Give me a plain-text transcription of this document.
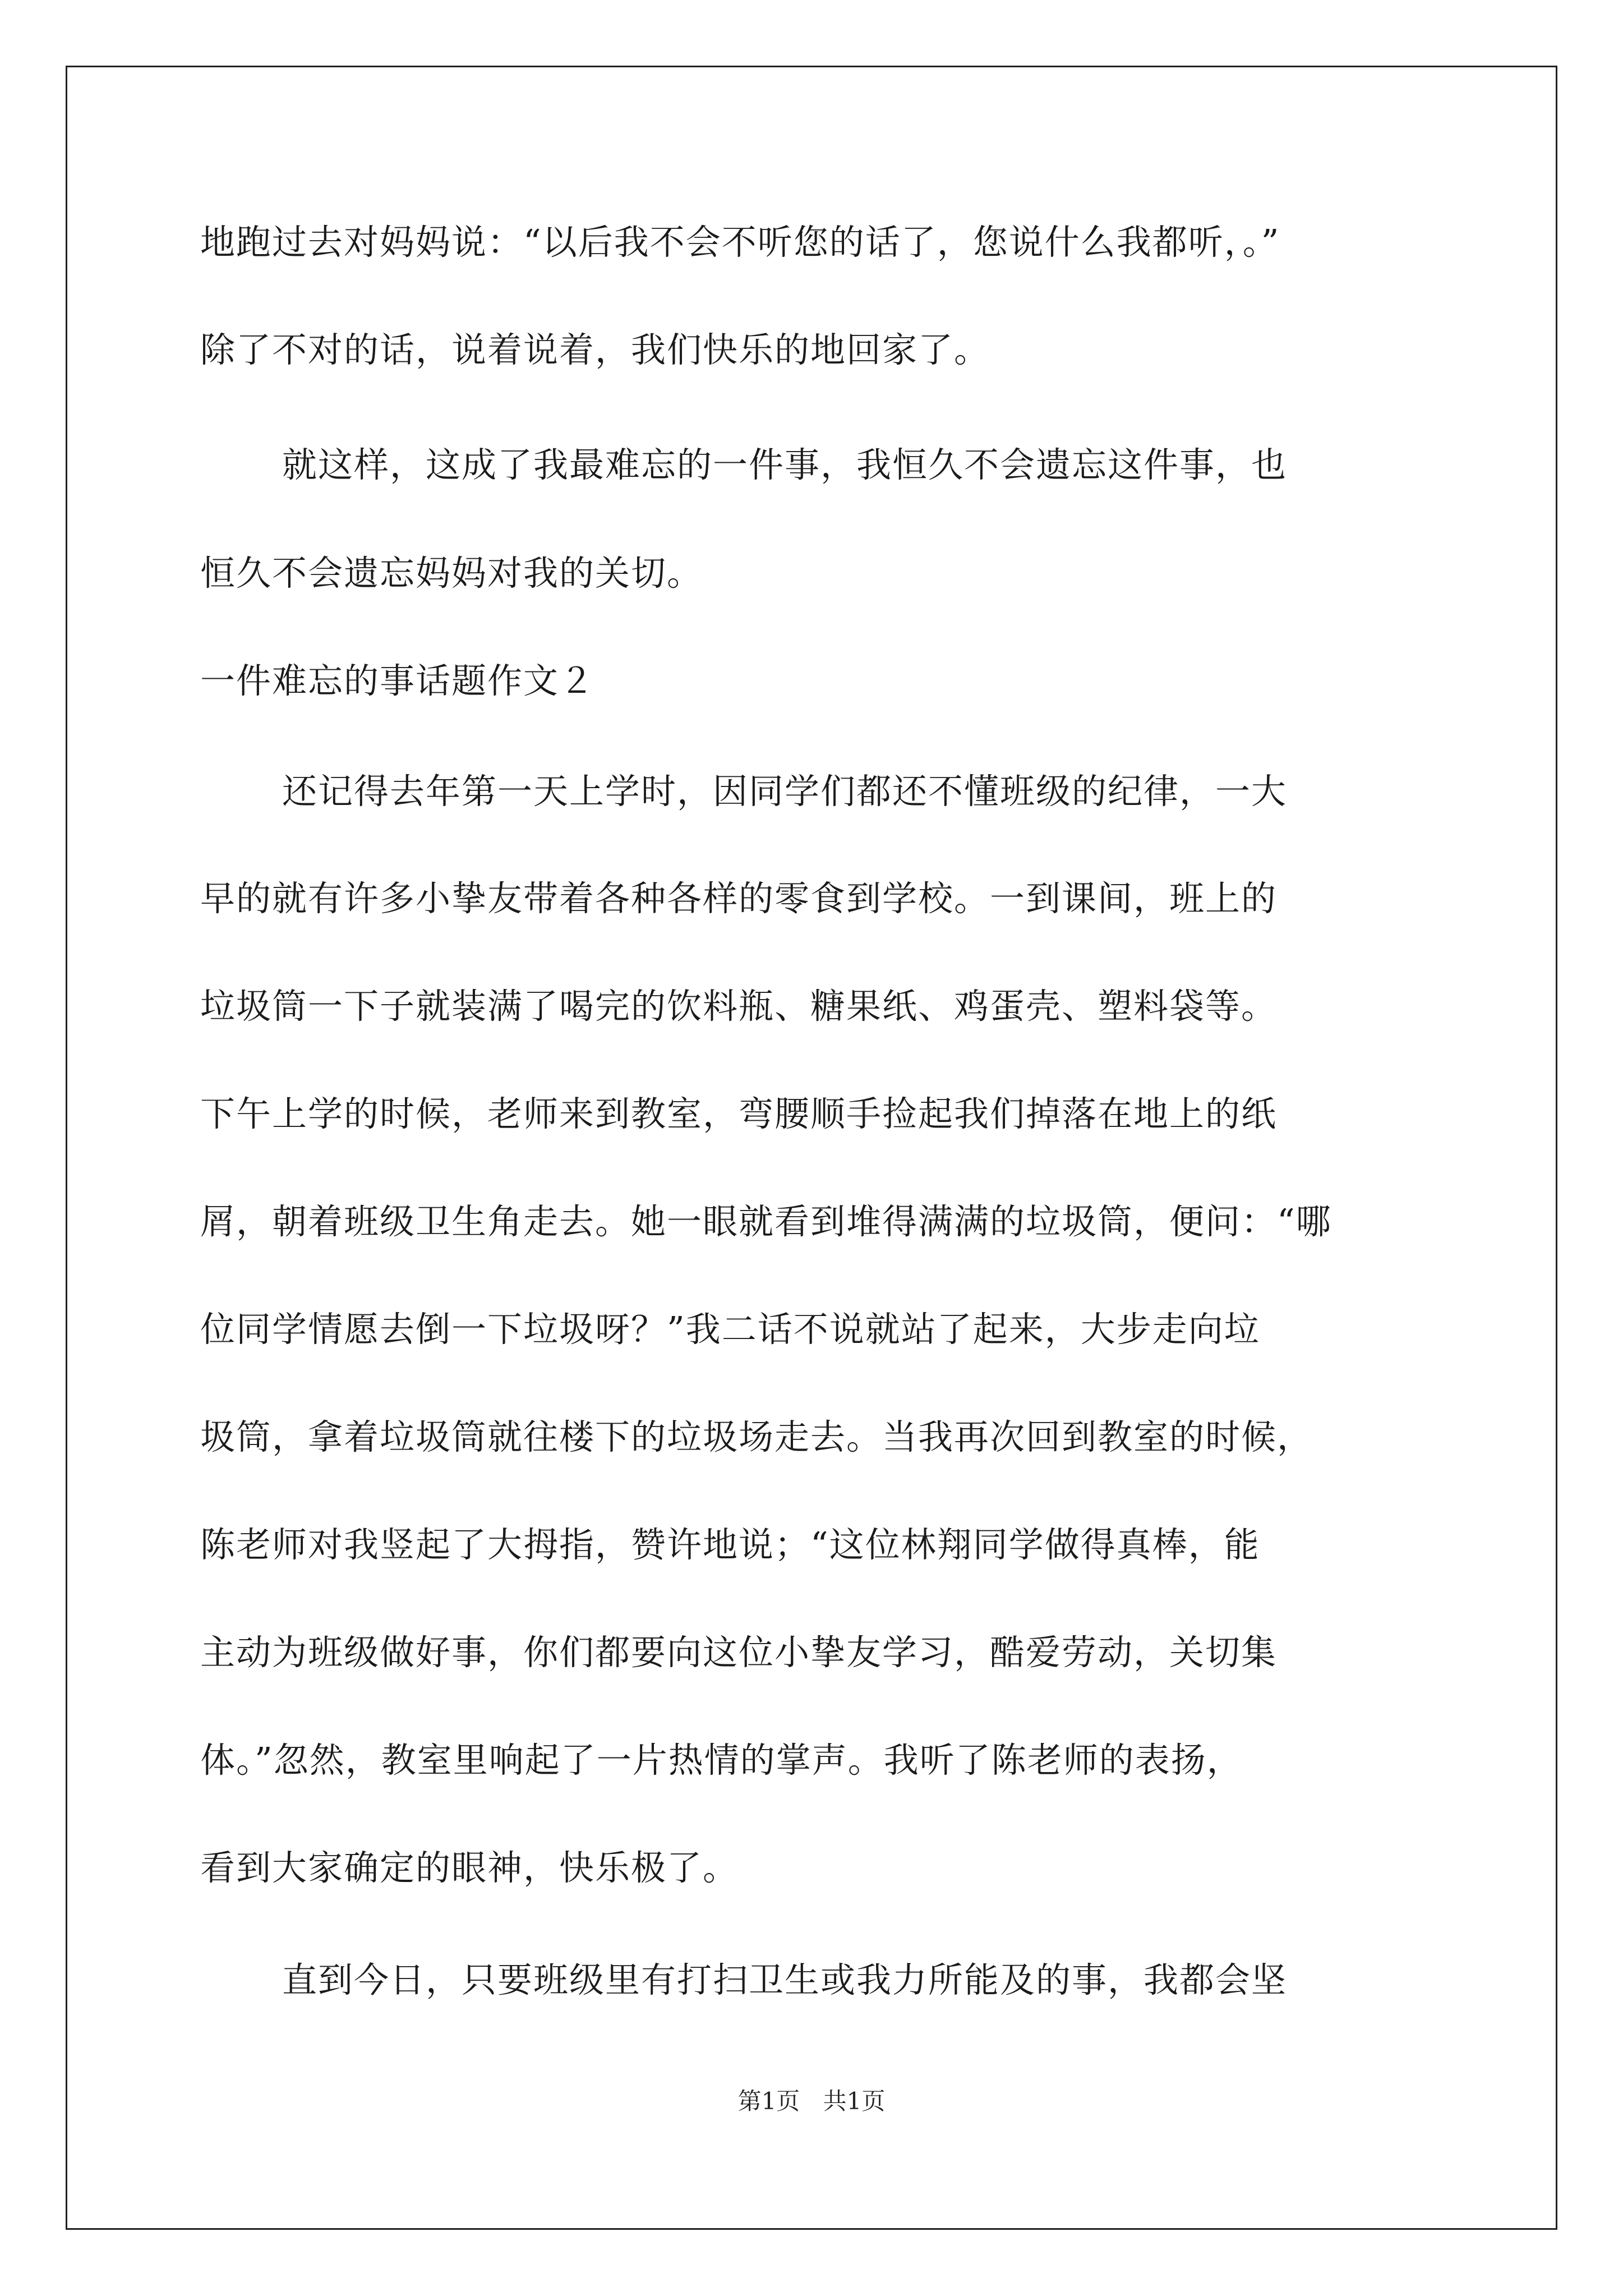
地跑过去对妈妈说：“以后我不会不听您的话了，您说什么我都听，。”
除了不对的话，说着说着，我们快乐的地回家了。
就这样，这成了我最难忘的一件事，我恒久不会遗忘这件事，也
恒久不会遗忘妈妈对我的关切。
一件难忘的事话题作文２
还记得去年第一天上学时，因同学们都还不懂班级的纪律，一大
早的就有许多小挚友带着各种各样的零食到学校。一到课间，班上的
垃圾筒一下子就装满了喝完的饮料瓶、糖果纸、鸡蛋壳、塑料袋等。
下午上学的时候，老师来到教室，弯腰顺手捡起我们掉落在地上的纸
屑，朝着班级卫生角走去。她一眼就看到堆得满满的垃圾筒，便问：“哪
位同学情愿去倒一下垃圾呀？”我二话不说就站了起来，大步走向垃
圾筒，拿着垃圾筒就往楼下的垃圾场走去。当我再次回到教室的时候，
陈老师对我竖起了大拇指，赞许地说；“这位林翔同学做得真棒，能
主动为班级做好事，你们都要向这位小挚友学习，酷爱劳动，关切集
体。”忽然，教室里响起了一片热情的掌声。我听了陈老师的表扬，
看到大家确定的眼神，快乐极了。
直到今日，只要班级里有打扫卫生或我力所能及的事，我都会坚
第1页 共1页
